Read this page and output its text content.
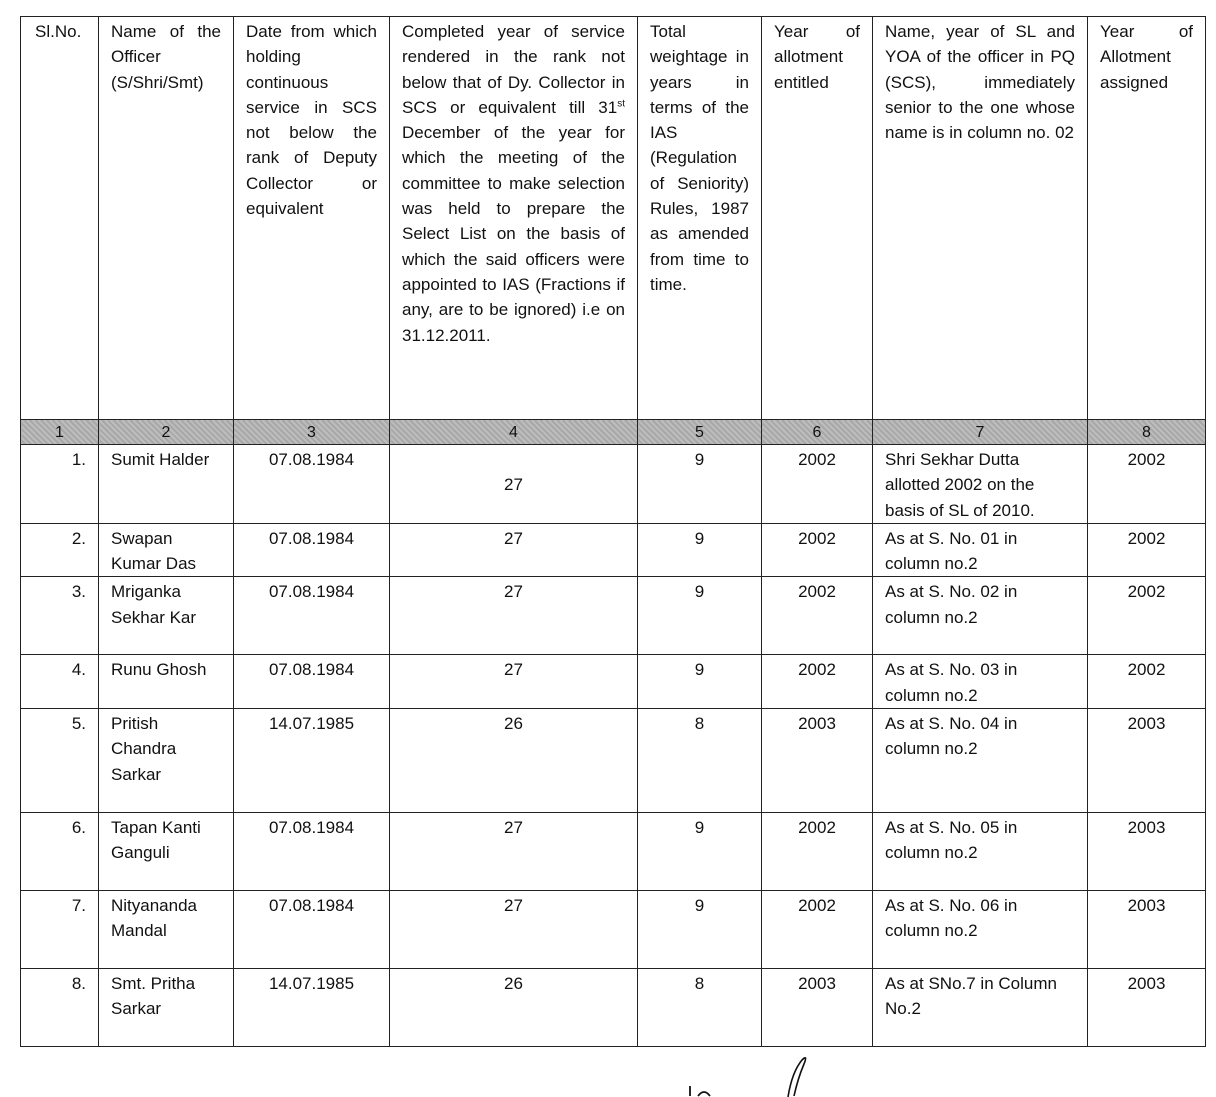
Sl.No.	Name of the Officer (S/Shri/Smt)	Date from which holding continuous service in SCS not below the rank of Deputy Collector or equivalent	Completed year of service rendered in the rank not below that of Dy. Collector in SCS or equivalent till 31st December of the year for which the meeting of the committee to make selection was held to prepare the Select List on the basis of which the said officers were appointed to IAS (Fractions if any, are to be ignored) i.e on 31.12.2011.	Total weightage in years in terms of the IAS (Regulation of Seniority) Rules, 1987 as amended from time to time.	Year of allotment entitled	Name, year of SL and YOA of the officer in PQ (SCS), immediately senior to the one whose name is in column no. 02	Year of Allotment assigned
1	2	3	4	5	6	7	8
1.	Sumit Halder	07.08.1984	27	9	2002	Shri Sekhar Dutta allotted 2002 on the basis of SL of 2010.	2002
2.	Swapan Kumar Das	07.08.1984	27	9	2002	As at S. No. 01 in column no.2	2002
3.	Mriganka Sekhar Kar	07.08.1984	27	9	2002	As at S. No. 02 in column no.2	2002
4.	Runu Ghosh	07.08.1984	27	9	2002	As at S. No. 03 in column no.2	2002
5.	Pritish Chandra Sarkar	14.07.1985	26	8	2003	As at S. No. 04 in column no.2	2003
6.	Tapan Kanti Ganguli	07.08.1984	27	9	2002	As at S. No. 05 in column no.2	2003
7.	Nityananda Mandal	07.08.1984	27	9	2002	As at S. No. 06 in column no.2	2003
8.	Smt. Pritha Sarkar	14.07.1985	26	8	2003	As at SNo.7 in Column No.2	2003
